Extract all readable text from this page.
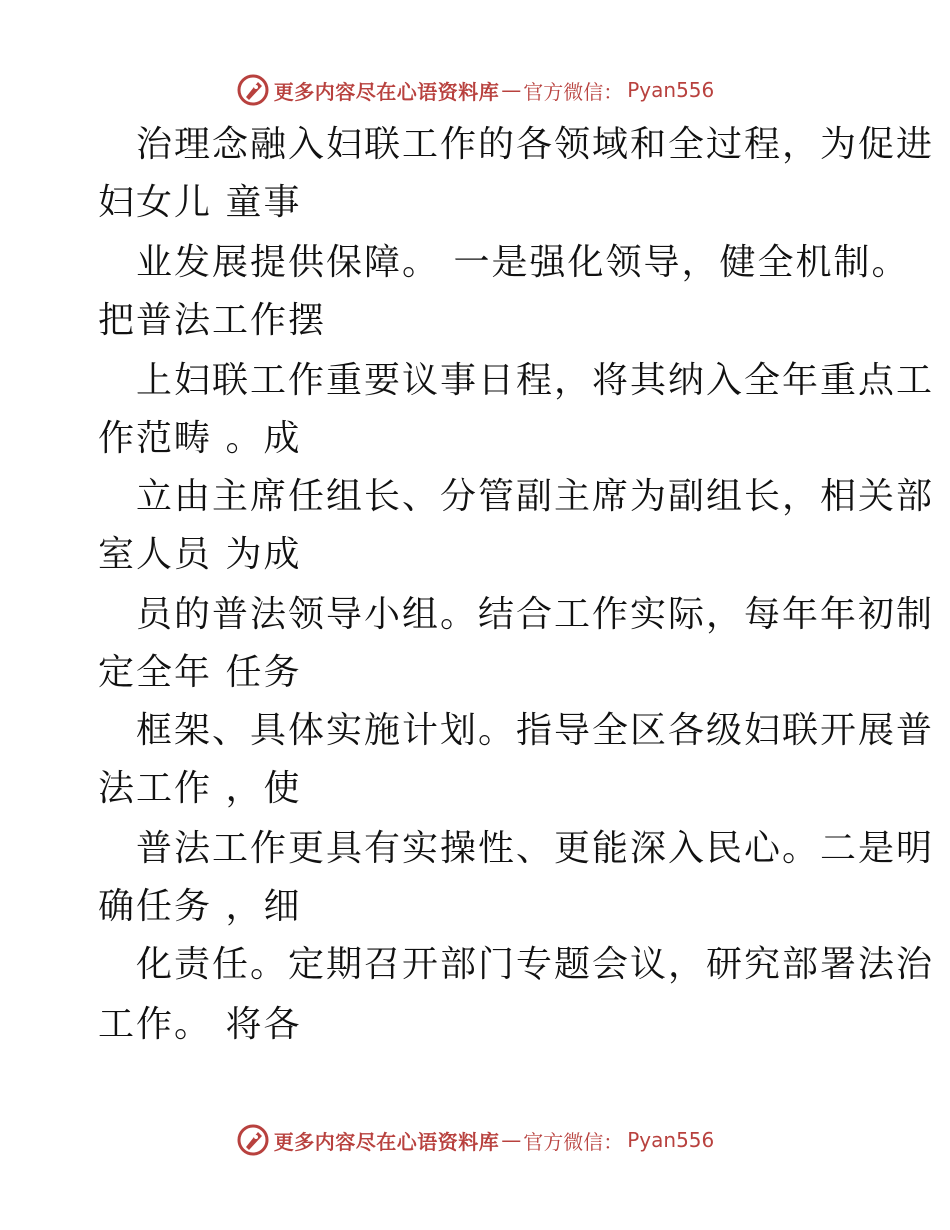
更多内容尽在心语资料库 — 官方微信： Pyan556
治理念融入妇联工作的各领域和全过程，为促进
妇女儿 童事
业发展提供保障。 一是强化领导，健全机制。
把普法工作摆
上妇联工作重要议事日程，将其纳入全年重点工
作范畴 。成
立由主席任组长、分管副主席为副组长，相关部
室人员 为成
员的普法领导小组。结合工作实际，每年年初制
定全年 任务
框架、具体实施计划。指导全区各级妇联开展普
法工作 ，使
普法工作更具有实操性、更能深入民心。二是明
确任务 ，细
化责任。定期召开部门专题会议，研究部署法治
工作。 将各
更多内容尽在心语资料库 — 官方微信： Pyan556
